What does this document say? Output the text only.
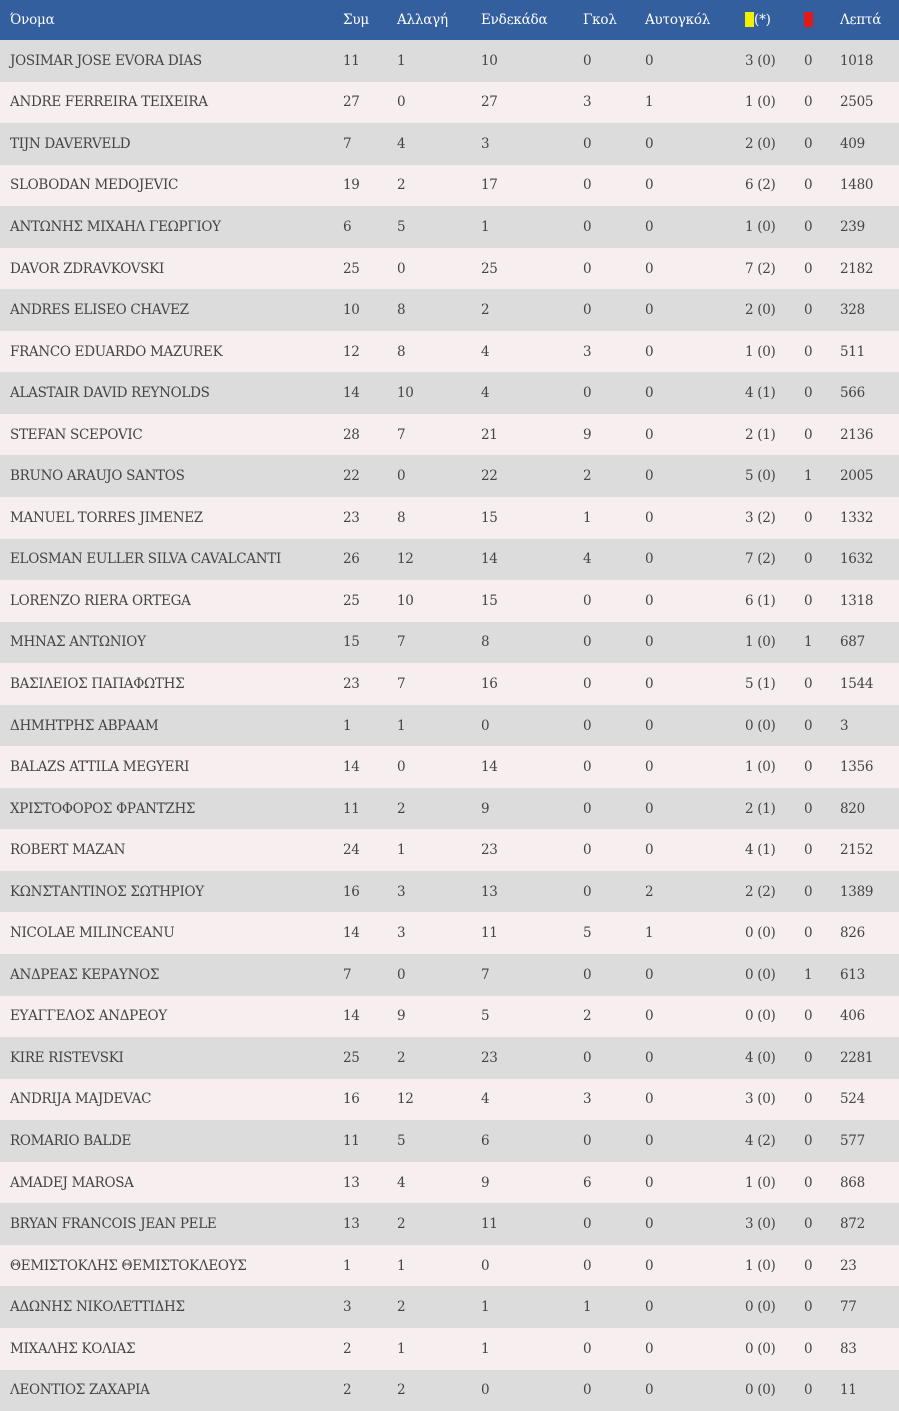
Όνομα	Συμ	Αλλαγή	Ενδεκάδα	Γκολ	Αυτογκόλ	(*)		Λεπτά
JOSIMAR JOSE EVORA DIAS	11	1	10	0	0	3 (0)	0	1018
ANDRE FERREIRA TEIXEIRA	27	0	27	3	1	1 (0)	0	2505
TIJN DAVERVELD	7	4	3	0	0	2 (0)	0	409
SLOBODAN MEDOJEVIC	19	2	17	0	0	6 (2)	0	1480
ΑΝΤΩΝΗΣ ΜΙΧΑΗΛ ΓΕΩΡΓΙΟΥ	6	5	1	0	0	1 (0)	0	239
DAVOR ZDRAVKOVSKI	25	0	25	0	0	7 (2)	0	2182
ANDRES ELISEO CHAVEZ	10	8	2	0	0	2 (0)	0	328
FRANCO EDUARDO MAZUREK	12	8	4	3	0	1 (0)	0	511
ALASTAIR DAVID REYNOLDS	14	10	4	0	0	4 (1)	0	566
STEFAN SCEPOVIC	28	7	21	9	0	2 (1)	0	2136
BRUNO ARAUJO SANTOS	22	0	22	2	0	5 (0)	1	2005
MANUEL TORRES JIMENEZ	23	8	15	1	0	3 (2)	0	1332
ELOSMAN EULLER SILVA CAVALCANTI	26	12	14	4	0	7 (2)	0	1632
LORENZO RIERA ORTEGA	25	10	15	0	0	6 (1)	0	1318
ΜΗΝΑΣ ΑΝΤΩΝΙΟΥ	15	7	8	0	0	1 (0)	1	687
ΒΑΣΙΛΕΙΟΣ ΠΑΠΑΦΩΤΗΣ	23	7	16	0	0	5 (1)	0	1544
ΔΗΜΗΤΡΗΣ ΑΒΡΑΑΜ	1	1	0	0	0	0 (0)	0	3
BALAZS ATTILA MEGYERI	14	0	14	0	0	1 (0)	0	1356
ΧΡΙΣΤΟΦΟΡΟΣ ΦΡΑΝΤΖΗΣ	11	2	9	0	0	2 (1)	0	820
ROBERT MAZAN	24	1	23	0	0	4 (1)	0	2152
ΚΩΝΣΤΑΝΤΙΝΟΣ ΣΩΤΗΡΙΟΥ	16	3	13	0	2	2 (2)	0	1389
NICOLAE MILINCEANU	14	3	11	5	1	0 (0)	0	826
ΑΝΔΡΕΑΣ ΚΕΡΑΥΝΟΣ	7	0	7	0	0	0 (0)	1	613
ΕΥΑΓΓΕΛΟΣ ΑΝΔΡΕΟΥ	14	9	5	2	0	0 (0)	0	406
KIRE RISTEVSKI	25	2	23	0	0	4 (0)	0	2281
ANDRIJA MAJDEVAC	16	12	4	3	0	3 (0)	0	524
ROMARIO BALDE	11	5	6	0	0	4 (2)	0	577
AMADEJ MAROSA	13	4	9	6	0	1 (0)	0	868
BRYAN FRANCOIS JEAN PELE	13	2	11	0	0	3 (0)	0	872
ΘΕΜΙΣΤΟΚΛΗΣ ΘΕΜΙΣΤΟΚΛΕΟΥΣ	1	1	0	0	0	1 (0)	0	23
ΑΔΩΝΗΣ ΝΙΚΟΛΕΤΤΙΔΗΣ	3	2	1	1	0	0 (0)	0	77
ΜΙΧΑΛΗΣ ΚΟΛΙΑΣ	2	1	1	0	0	0 (0)	0	83
ΛΕΟΝΤΙΟΣ ΖΑΧΑΡΙΑ	2	2	0	0	0	0 (0)	0	11
